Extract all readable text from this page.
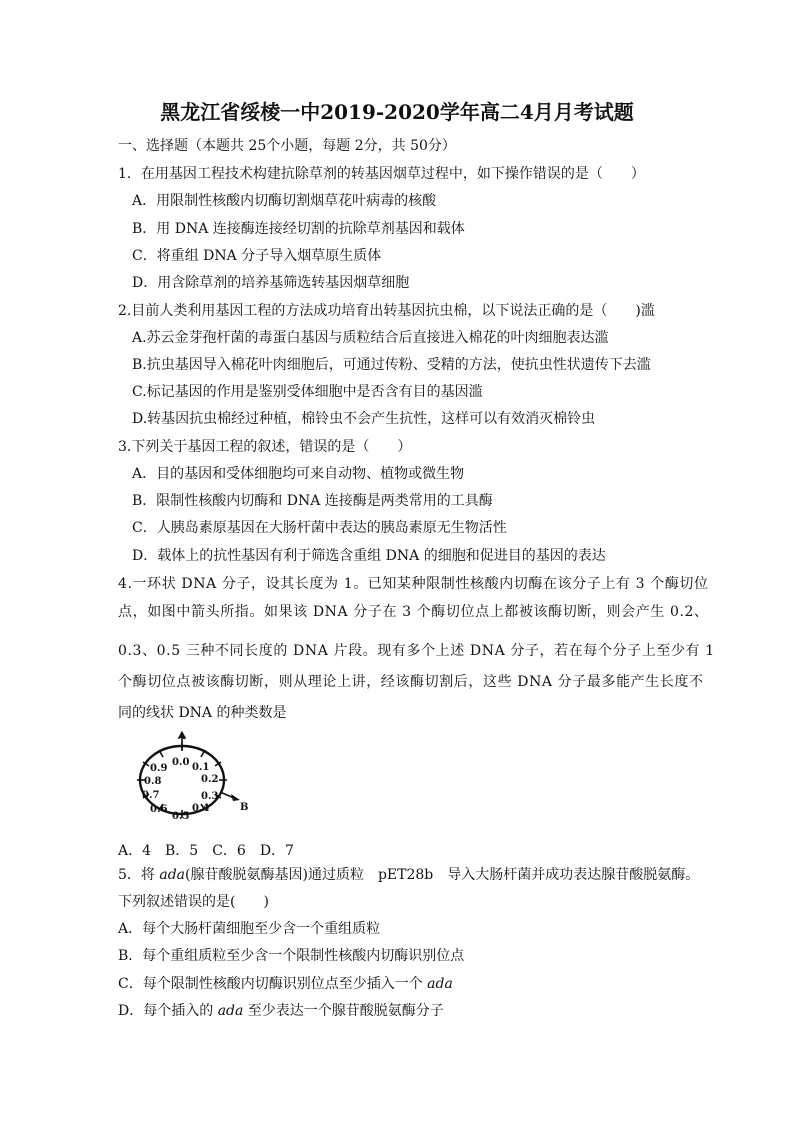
黑龙江省绥棱一中2019-2020学年高二4月月考试题
一、选择题（本题共 25个小题，每题 2分，共 50分）
1．在用基因工程技术构建抗除草剂的转基因烟草过程中，如下操作错误的是（　　）
A．用限制性核酸内切酶切割烟草花叶病毒的核酸
B．用 DNA 连接酶连接经切割的抗除草剂基因和载体
C．将重组 DNA 分子导入烟草原生质体
D．用含除草剂的培养基筛选转基因烟草细胞
2.目前人类利用基因工程的方法成功培育出转基因抗虫棉，以下说法正确的是（　　)滥
A.苏云金芽孢杆菌的毒蛋白基因与质粒结合后直接进入棉花的叶肉细胞表达滥
B.抗虫基因导入棉花叶肉细胞后，可通过传粉、受精的方法，使抗虫性状遗传下去滥
C.标记基因的作用是鉴别受体细胞中是否含有目的基因滥
D.转基因抗虫棉经过种植，棉铃虫不会产生抗性，这样可以有效消灭棉铃虫
3.下列关于基因工程的叙述，错误的是（　　）
A．目的基因和受体细胞均可来自动物、植物或微生物
B．限制性核酸内切酶和 DNA 连接酶是两类常用的工具酶
C．人胰岛素原基因在大肠杆菌中表达的胰岛素原无生物活性
D．载体上的抗性基因有利于筛选含重组 DNA 的细胞和促进目的基因的表达
4.一环状 DNA 分子，设其长度为 1。已知某种限制性核酸内切酶在该分子上有 3 个酶切位
点，如图中箭头所指。如果该 DNA 分子在 3 个酶切位点上都被该酶切断，则会产生 0.2、
0.3、0.5 三种不同长度的 DNA 片段。现有多个上述 DNA 分子，若在每个分子上至少有 1
个酶切位点被该酶切断，则从理论上讲，经该酶切割后，这些 DNA 分子最多能产生长度不
同的线状 DNA 的种类数是
A
B
0.0 0.1
0.2
0.3
0.4
0.5
0.6
0.7
0.8
0.9
A．4　B．5　C．6　D．7
5．将 ada(腺苷酸脱氨酶基因)通过质粒　pET28b　导入大肠杆菌并成功表达腺苷酸脱氨酶。
下列叙述错误的是(　　)
A．每个大肠杆菌细胞至少含一个重组质粒
B．每个重组质粒至少含一个限制性核酸内切酶识别位点
C．每个限制性核酸内切酶识别位点至少插入一个 ada
D．每个插入的 ada 至少表达一个腺苷酸脱氨酶分子
